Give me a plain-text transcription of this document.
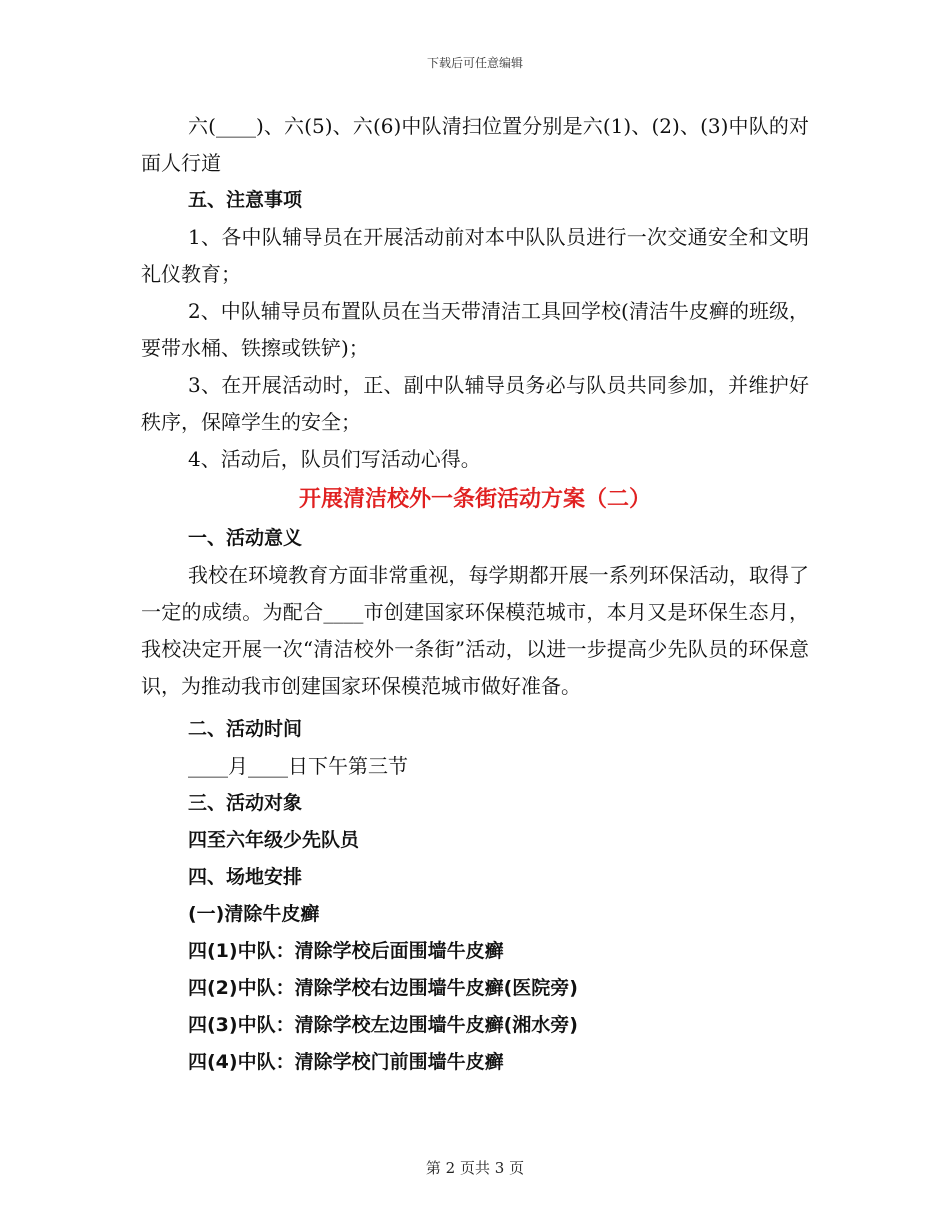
下载后可任意编辑

六(____)、六(5)、六(6)中队清扫位置分别是六(1)、(2)、(3)中队的对面人行道

五、注意事项

1、各中队辅导员在开展活动前对本中队队员进行一次交通安全和文明礼仪教育；

2、中队辅导员布置队员在当天带清洁工具回学校(清洁牛皮癣的班级，要带水桶、铁擦或铁铲)；

3、在开展活动时，正、副中队辅导员务必与队员共同参加，并维护好秩序，保障学生的安全；

4、活动后，队员们写活动心得。

开展清洁校外一条街活动方案（二）

一、活动意义

我校在环境教育方面非常重视，每学期都开展一系列环保活动，取得了一定的成绩。为配合____市创建国家环保模范城市，本月又是环保生态月，我校决定开展一次“清洁校外一条街”活动，以进一步提高少先队员的环保意识，为推动我市创建国家环保模范城市做好准备。

二、活动时间

____月____日下午第三节

三、活动对象

四至六年级少先队员

四、场地安排

(一)清除牛皮癣

四(1)中队：清除学校后面围墙牛皮癣

四(2)中队：清除学校右边围墙牛皮癣(医院旁)

四(3)中队：清除学校左边围墙牛皮癣(湘水旁)

四(4)中队：清除学校门前围墙牛皮癣

第 2 页共 3 页
